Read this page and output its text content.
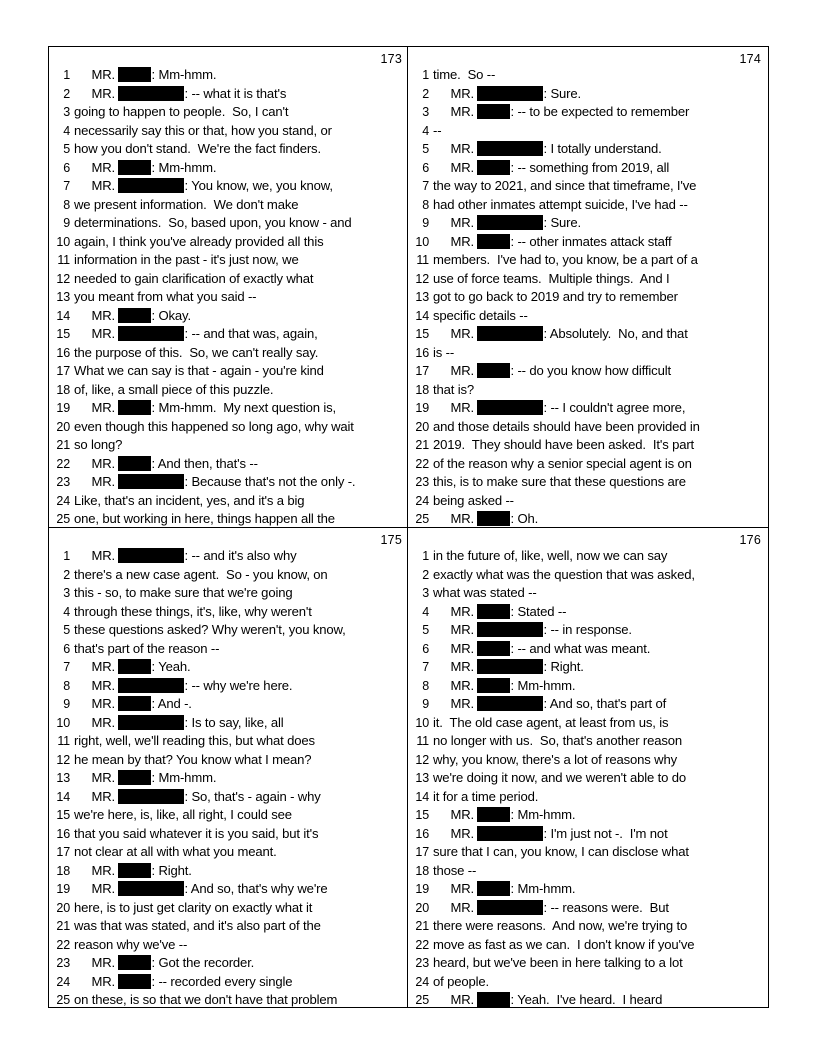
173
1 MR.	: Mm-hmm.
2 MR.	: -- what it is that's
3 going to happen to people.  So, I can't
4 necessarily say this or that, how you stand, or
5 how you don't stand.  We're the fact finders.
6 MR.	: Mm-hmm.
7 MR.	: You know, we, you know,
8 we present information.  We don't make
9 determinations.  So, based upon, you know - and
10 again, I think you've already provided all this
11 information in the past - it's just now, we
12 needed to gain clarification of exactly what
13 you meant from what you said --
14 MR.	: Okay.
15 MR.	: -- and that was, again,
16 the purpose of this.  So, we can't really say.
17 What we can say is that - again - you're kind
18 of, like, a small piece of this puzzle.
19 MR.	: Mm-hmm.  My next question is,
20 even though this happened so long ago, why wait
21 so long?
22 MR.	: And then, that's --
23 MR.	: Because that's not the only -.
24 Like, that's an incident, yes, and it's a big
25 one, but working in here, things happen all the
174
1 time.  So --
2 MR.	: Sure.
3 MR.	: -- to be expected to remember
4 --
5 MR.	: I totally understand.
6 MR.	: -- something from 2019, all
7 the way to 2021, and since that timeframe, I've
8 had other inmates attempt suicide, I've had --
9 MR.	: Sure.
10 MR.	: -- other inmates attack staff
11 members.  I've had to, you know, be a part of a
12 use of force teams.  Multiple things.  And I
13 got to go back to 2019 and try to remember
14 specific details --
15 MR.	: Absolutely.  No, and that
16 is --
17 MR.	: -- do you know how difficult
18 that is?
19 MR.	: -- I couldn't agree more,
20 and those details should have been provided in
21 2019.  They should have been asked.  It's part
22 of the reason why a senior special agent is on
23 this, is to make sure that these questions are
24 being asked --
25 MR.	: Oh.
175
1 MR.	: -- and it's also why
2 there's a new case agent.  So - you know, on
3 this - so, to make sure that we're going
4 through these things, it's, like, why weren't
5 these questions asked? Why weren't, you know,
6 that's part of the reason --
7 MR.	: Yeah.
8 MR.	: -- why we're here.
9 MR.	: And -.
10 MR.	: Is to say, like, all
11 right, well, we'll reading this, but what does
12 he mean by that? You know what I mean?
13 MR.	: Mm-hmm.
14 MR.	: So, that's - again - why
15 we're here, is, like, all right, I could see
16 that you said whatever it is you said, but it's
17 not clear at all with what you meant.
18 MR.	: Right.
19 MR.	: And so, that's why we're
20 here, is to just get clarity on exactly what it
21 was that was stated, and it's also part of the
22 reason why we've --
23 MR.	: Got the recorder.
24 MR.	: -- recorded every single
25 on these, is so that we don't have that problem
176
1 in the future of, like, well, now we can say
2 exactly what was the question that was asked,
3 what was stated --
4 MR.	: Stated --
5 MR.	: -- in response.
6 MR.	: -- and what was meant.
7 MR.	: Right.
8 MR.	: Mm-hmm.
9 MR.	: And so, that's part of
10 it.  The old case agent, at least from us, is
11 no longer with us.  So, that's another reason
12 why, you know, there's a lot of reasons why
13 we're doing it now, and we weren't able to do
14 it for a time period.
15 MR.	: Mm-hmm.
16 MR.	: I'm just not -.  I'm not
17 sure that I can, you know, I can disclose what
18 those --
19 MR.	: Mm-hmm.
20 MR.	: -- reasons were.  But
21 there were reasons.  And now, we're trying to
22 move as fast as we can.  I don't know if you've
23 heard, but we've been in here talking to a lot
24 of people.
25 MR.	: Yeah.  I've heard.  I heard
